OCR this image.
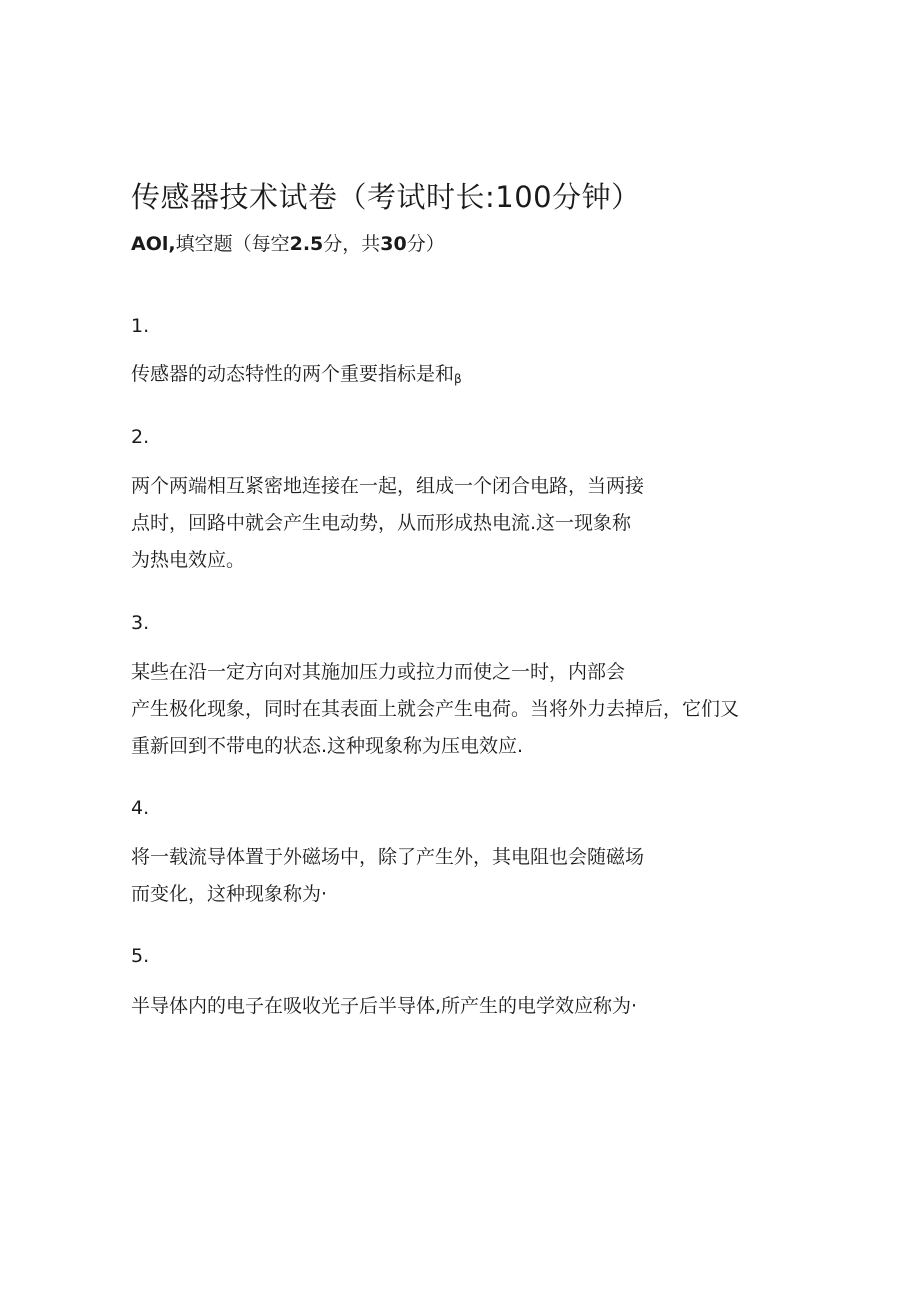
传感器技术试卷（考试时长:100分钟）
AOl,填空题（每空2.5分，共30分）
1.
传感器的动态特性的两个重要指标是和β
2.
两个两端相互紧密地连接在一起，组成一个闭合电路，当两接
点时，回路中就会产生电动势，从而形成热电流.这一现象称
为热电效应。
3.
某些在沿一定方向对其施加压力或拉力而使之一时，内部会
产生极化现象，同时在其表面上就会产生电荷。当将外力去掉后，它们又
重新回到不带电的状态.这种现象称为压电效应.
4.
将一载流导体置于外磁场中，除了产生外，其电阻也会随磁场
而变化，这种现象称为·
5.
半导体内的电子在吸收光子后半导体,所产生的电学效应称为·
